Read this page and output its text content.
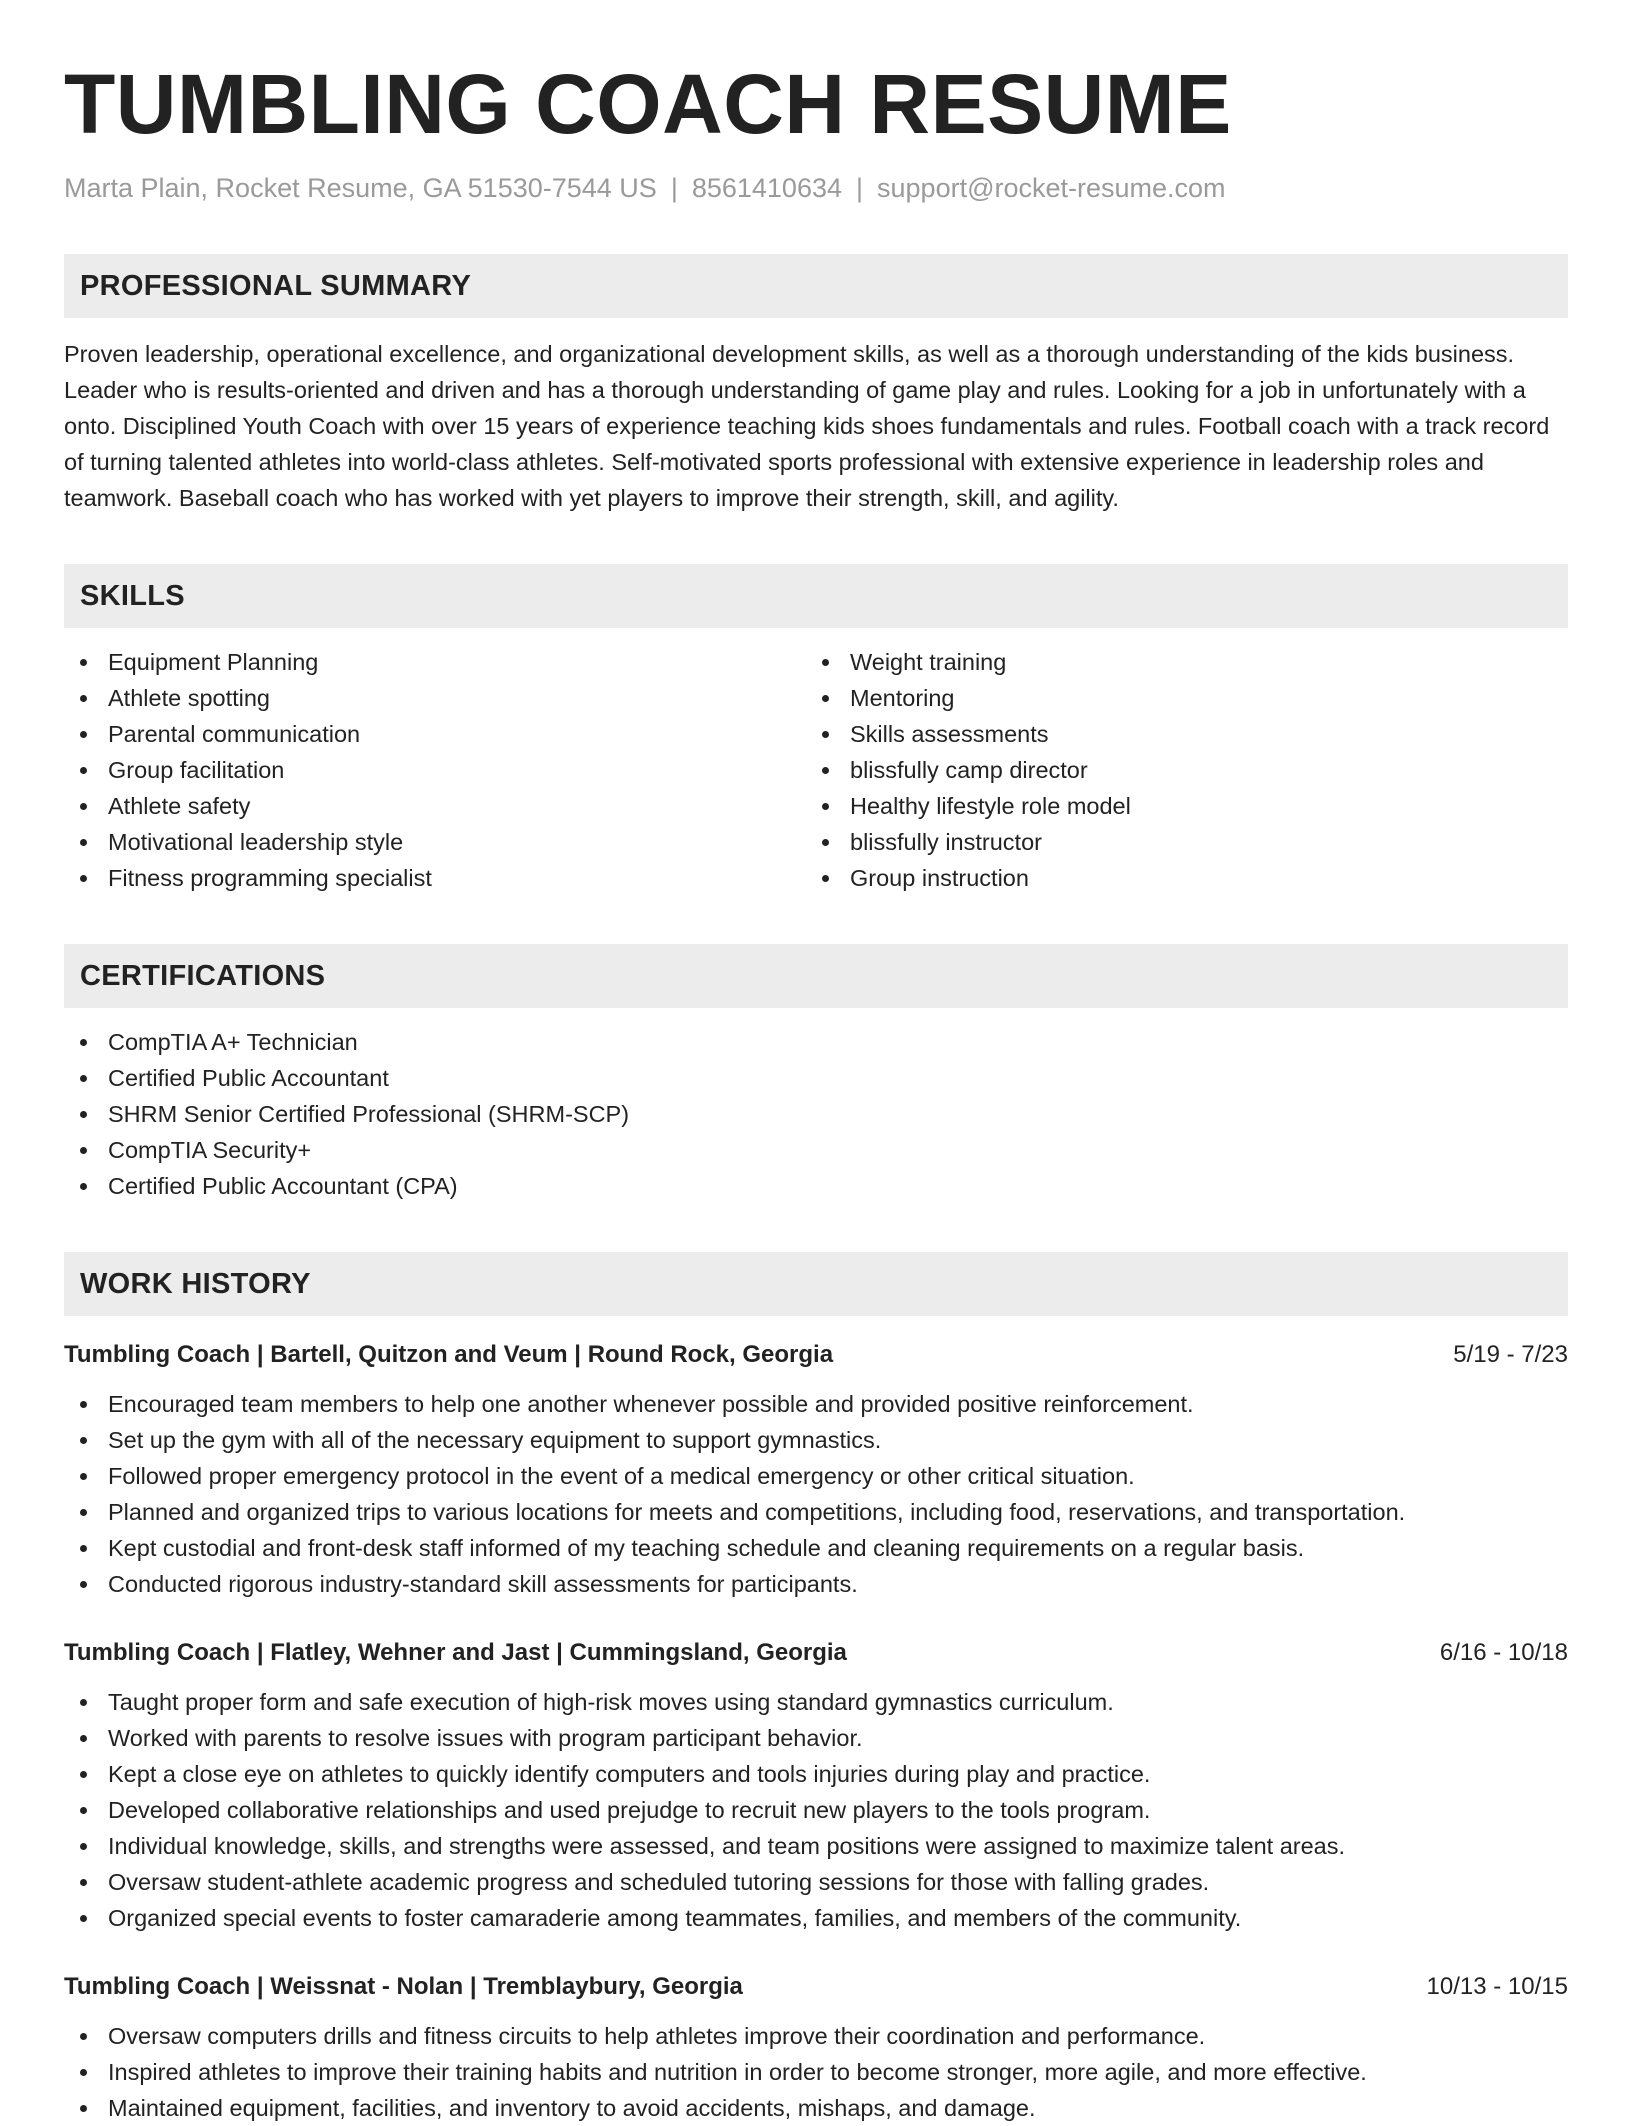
TUMBLING COACH RESUME
Marta Plain, Rocket Resume, GA 51530-7544 US | 8561410634 | support@rocket-resume.com
PROFESSIONAL SUMMARY

Proven leadership, operational excellence, and organizational development skills, as well as a thorough understanding of the kids business. Leader who is results-oriented and driven and has a thorough understanding of game play and rules. Looking for a job in unfortunately with a onto. Disciplined Youth Coach with over 15 years of experience teaching kids shoes fundamentals and rules. Football coach with a track record of turning talented athletes into world-class athletes. Self-motivated sports professional with extensive experience in leadership roles and teamwork. Baseball coach who has worked with yet players to improve their strength, skill, and agility.

SKILLS
Equipment Planning
Athlete spotting
Parental communication
Group facilitation
Athlete safety
Motivational leadership style
Fitness programming specialist
Weight training
Mentoring
Skills assessments
blissfully camp director
Healthy lifestyle role model
blissfully instructor
Group instruction
CERTIFICATIONS
CompTIA A+ Technician
Certified Public Accountant
SHRM Senior Certified Professional (SHRM-SCP)
CompTIA Security+
Certified Public Accountant (CPA)
WORK HISTORY
Tumbling Coach | Bartell, Quitzon and Veum | Round Rock, Georgia	5/19 - 7/23
Encouraged team members to help one another whenever possible and provided positive reinforcement.
Set up the gym with all of the necessary equipment to support gymnastics.
Followed proper emergency protocol in the event of a medical emergency or other critical situation.
Planned and organized trips to various locations for meets and competitions, including food, reservations, and transportation.
Kept custodial and front-desk staff informed of my teaching schedule and cleaning requirements on a regular basis.
Conducted rigorous industry-standard skill assessments for participants.
Tumbling Coach | Flatley, Wehner and Jast | Cummingsland, Georgia	6/16 - 10/18
Taught proper form and safe execution of high-risk moves using standard gymnastics curriculum.
Worked with parents to resolve issues with program participant behavior.
Kept a close eye on athletes to quickly identify computers and tools injuries during play and practice.
Developed collaborative relationships and used prejudge to recruit new players to the tools program.
Individual knowledge, skills, and strengths were assessed, and team positions were assigned to maximize talent areas.
Oversaw student-athlete academic progress and scheduled tutoring sessions for those with falling grades.
Organized special events to foster camaraderie among teammates, families, and members of the community.
Tumbling Coach | Weissnat - Nolan | Tremblaybury, Georgia	10/13 - 10/15
Oversaw computers drills and fitness circuits to help athletes improve their coordination and performance.
Inspired athletes to improve their training habits and nutrition in order to become stronger, more agile, and more effective.
Maintained equipment, facilities, and inventory to avoid accidents, mishaps, and damage.
